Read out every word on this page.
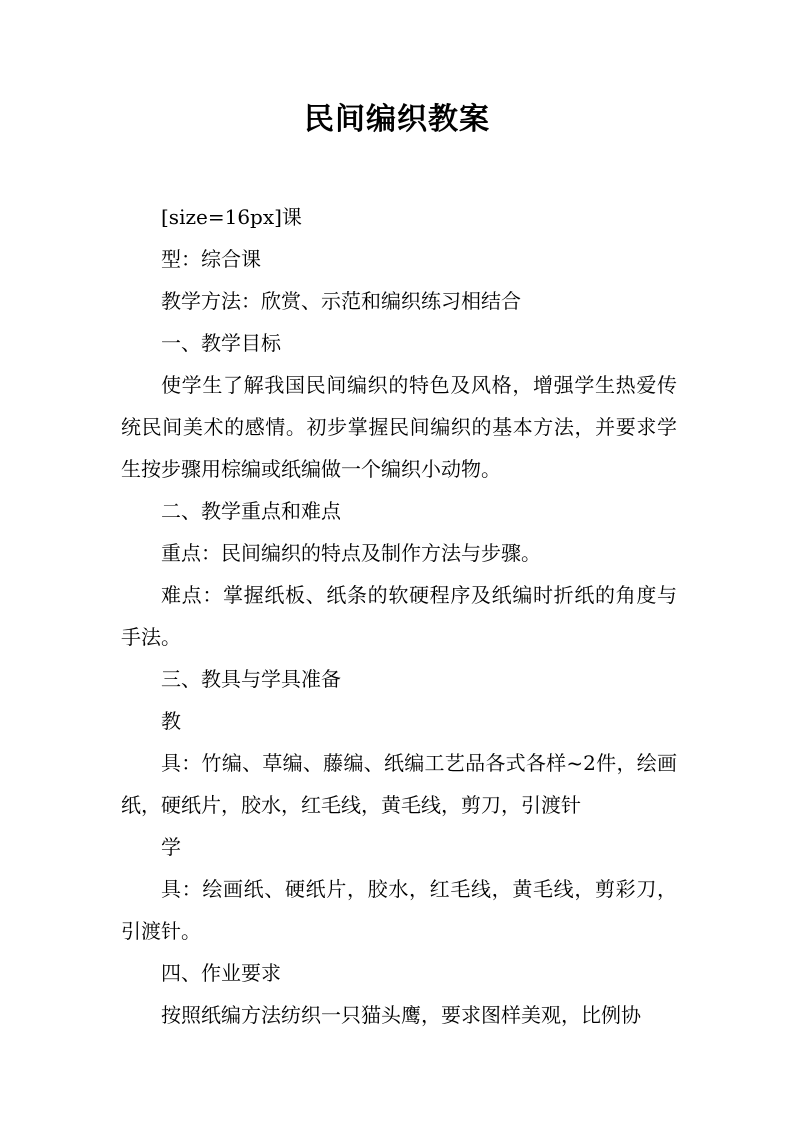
民间编织教案

[size=16px]课

型：综合课

教学方法：欣赏、示范和编织练习相结合

一、教学目标

使学生了解我国民间编织的特色及风格，增强学生热爱传统民间美术的感情。初步掌握民间编织的基本方法，并要求学生按步骤用棕编或纸编做一个编织小动物。

二、教学重点和难点

重点：民间编织的特点及制作方法与步骤。

难点：掌握纸板、纸条的软硬程序及纸编时折纸的角度与手法。

三、教具与学具准备

教

具：竹编、草编、藤编、纸编工艺品各式各样~2件，绘画纸，硬纸片，胶水，红毛线，黄毛线，剪刀，引渡针

学

具：绘画纸、硬纸片，胶水，红毛线，黄毛线，剪彩刀，引渡针。

四、作业要求

按照纸编方法纺织一只猫头鹰，要求图样美观，比例协
